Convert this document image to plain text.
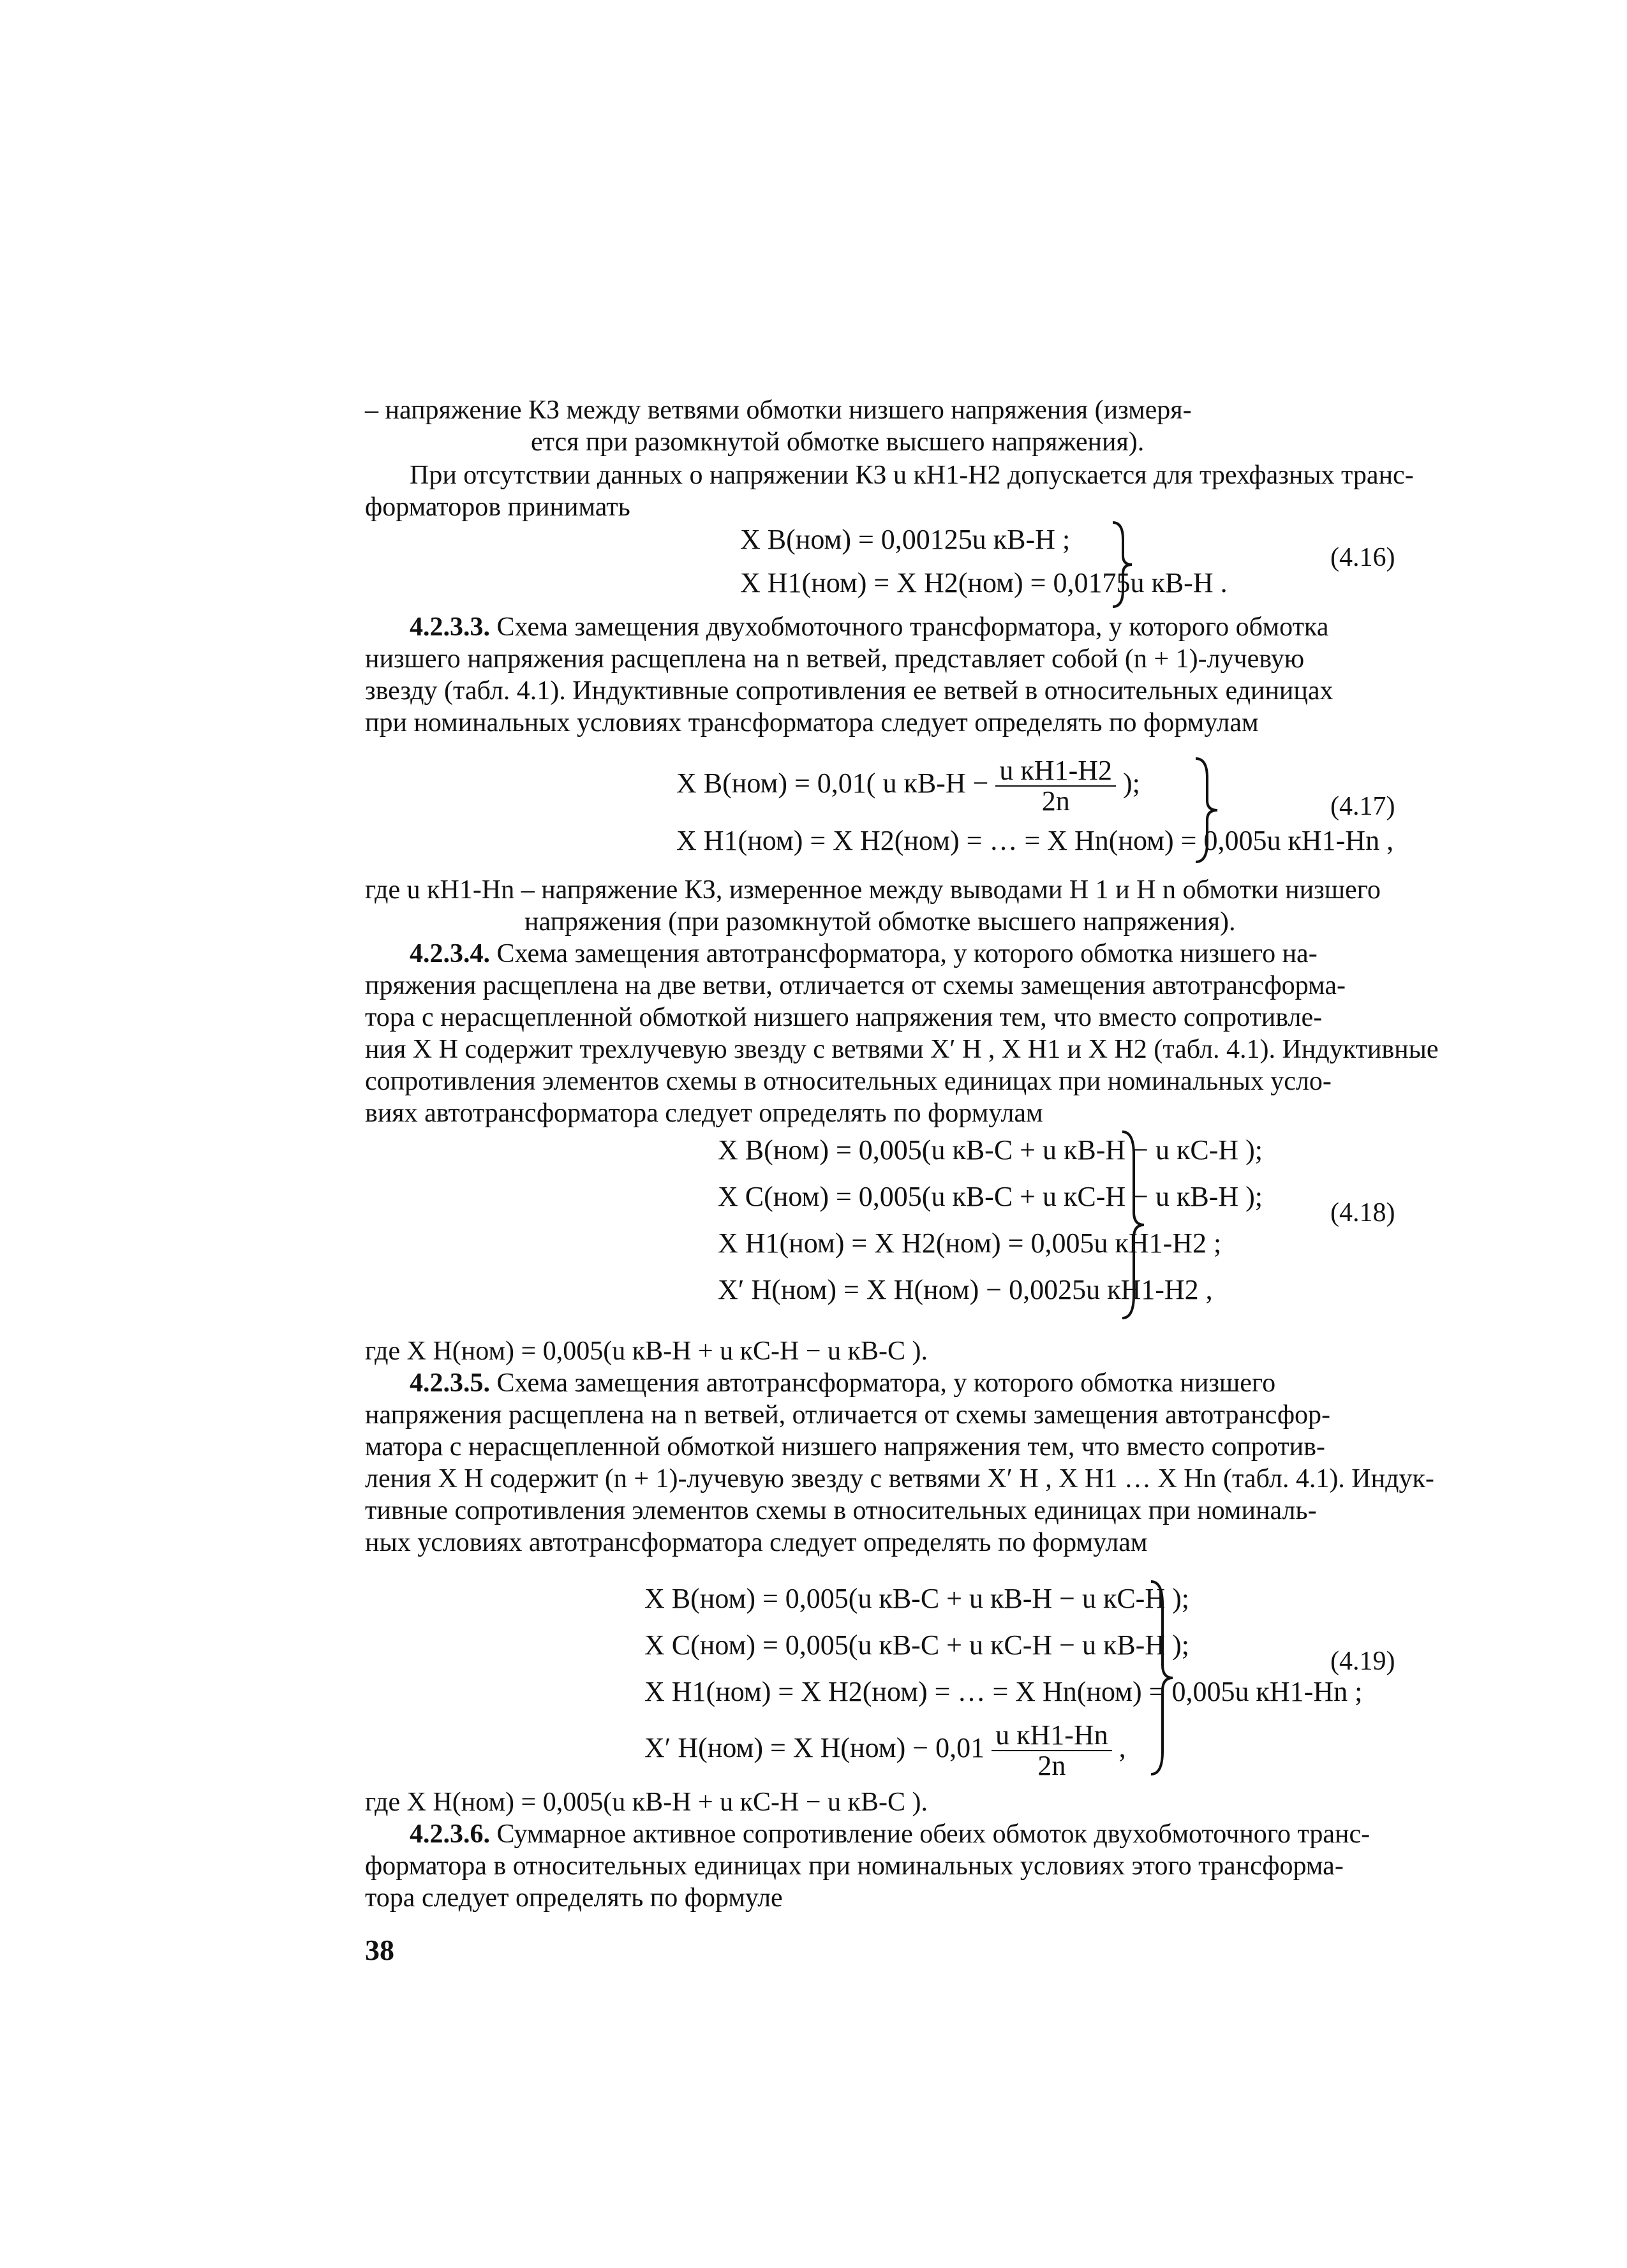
– напряжение КЗ между ветвями обмотки низшего напряжения (измеря-
ется при разомкнутой обмотке высшего напряжения).
При отсутствии данных о напряжении КЗ u кН1-Н2 допускается для трехфазных транс-
форматоров принимать
X В(ном) = 0,00125u кВ-Н ;
X Н1(ном) = X Н2(ном) = 0,0175u кВ-Н .
(4.16)
4.2.3.3. Схема замещения двухобмоточного трансформатора, у которого обмотка
низшего напряжения расщеплена на n ветвей, представляет собой (n + 1)-лучевую
звезду (табл. 4.1). Индуктивные сопротивления ее ветвей в относительных единицах
при номинальных условиях трансформатора следует определять по формулам
X В(ном) = 0,01( u $кВ-Н - \frac{\text{u кН1-Н2}}{2n}$ );
X Н1(ном) = X Н2(ном) = … = X Нn(ном) = 0,005u кН1-Нn ,
(4.17)
где u кН1-Нn – напряжение КЗ, измеренное между выводами H 1 и H n обмотки низшего
напряжения (при разомкнутой обмотке высшего напряжения).
4.2.3.4. Схема замещения автотрансформатора, у которого обмотка низшего на-
пряжения расщеплена на две ветви, отличается от схемы замещения автотрансформа-
тора с нерасщепленной обмоткой низшего напряжения тем, что вместо сопротивле-
ния X Н содержит трехлучевую звезду с ветвями X′ Н , X Н1 и X Н2 (табл. 4.1). Индуктивные
сопротивления элементов схемы в относительных единицах при номинальных усло-
виях автотрансформатора следует определять по формулам
X В(ном) = 0,005(u кВ-С + u кВ-Н − u кС-Н );
X С(ном) = 0,005(u кВ-С + u кС-Н − u кВ-Н );
X Н1(ном) = X Н2(ном) = 0,005u кН1-Н2 ;
X′ Н(ном) = X Н(ном) − 0,0025u кН1-Н2 ,
(4.18)
где X Н(ном) = 0,005(u кВ-Н + u кС-Н − u кВ-С ).
4.2.3.5. Схема замещения автотрансформатора, у которого обмотка низшего
напряжения расщеплена на n ветвей, отличается от схемы замещения автотрансфор-
матора с нерасщепленной обмоткой низшего напряжения тем, что вместо сопротив-
ления X Н содержит (n + 1)-лучевую звезду с ветвями X′ Н , X Н1 … X Нn (табл. 4.1). Индук-
тивные сопротивления элементов схемы в относительных единицах при номиналь-
ных условиях автотрансформатора следует определять по формулам
X В(ном) = 0,005(u кВ-С + u кВ-Н − u кС-Н );
X С(ном) = 0,005(u кВ-С + u кС-Н − u кВ-Н );
X Н1(ном) = X Н2(ном) = … = X Нn(ном) = 0,005u кН1-Нn ;
X′ Н(ном) = X $Н(ном) - 0,01 \frac{\text{u кН1-Нn}}{2n}$ ,
(4.19)
где X Н(ном) = 0,005(u кВ-Н + u кС-Н − u кВ-С ).
4.2.3.6. Суммарное активное сопротивление обеих обмоток двухобмоточного транс-
форматора в относительных единицах при номинальных условиях этого трансформа-
тора следует определять по формуле
38
